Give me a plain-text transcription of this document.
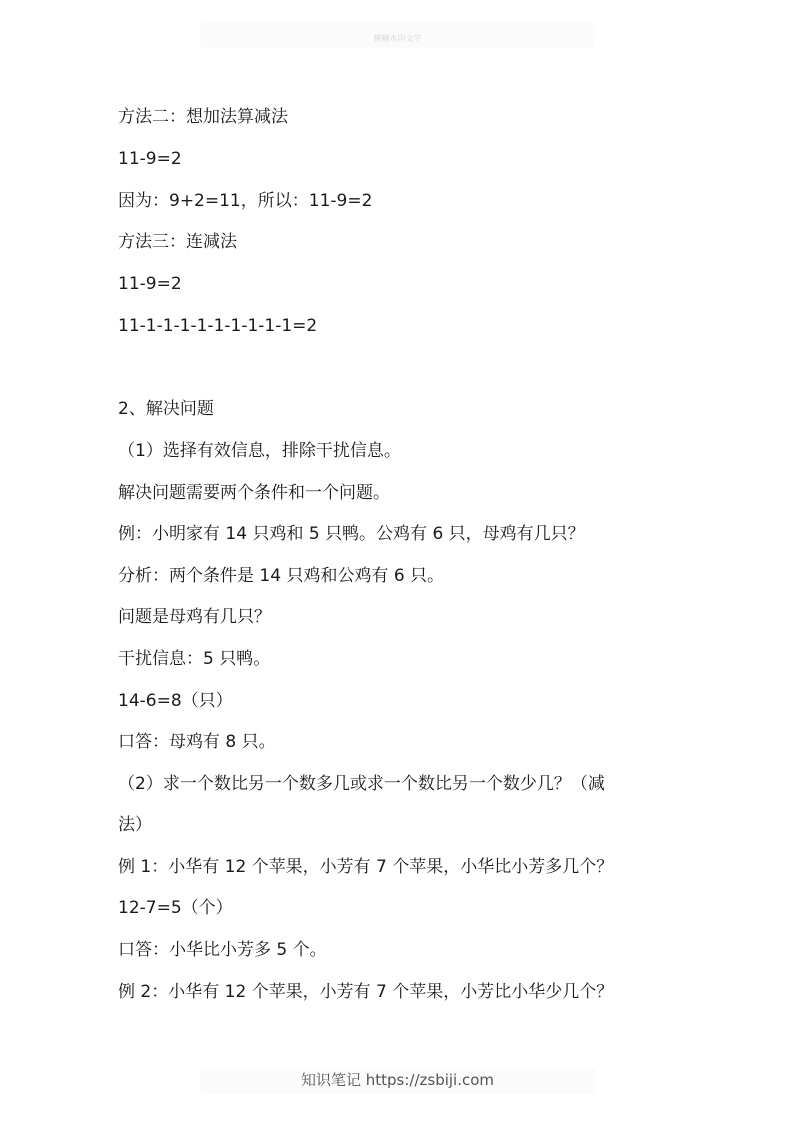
模糊水印文字
方法二：想加法算减法
11-9=2
因为：9+2=11，所以：11-9=2
方法三：连减法
11-9=2
11-1-1-1-1-1-1-1-1-1=2
2、解决问题
（1）选择有效信息，排除干扰信息。
解决问题需要两个条件和一个问题。
例：小明家有 14 只鸡和 5 只鸭。公鸡有 6 只，母鸡有几只？
分析：两个条件是 14 只鸡和公鸡有 6 只。
问题是母鸡有几只？
干扰信息：5 只鸭。
14-6=8（只）
口答：母鸡有 8 只。
（2）求一个数比另一个数多几或求一个数比另一个数少几？（减
法）
例 1：小华有 12 个苹果，小芳有 7 个苹果，小华比小芳多几个？
12-7=5（个）
口答：小华比小芳多 5 个。
例 2：小华有 12 个苹果，小芳有 7 个苹果，小芳比小华少几个？
知识笔记 https://zsbiji.com
